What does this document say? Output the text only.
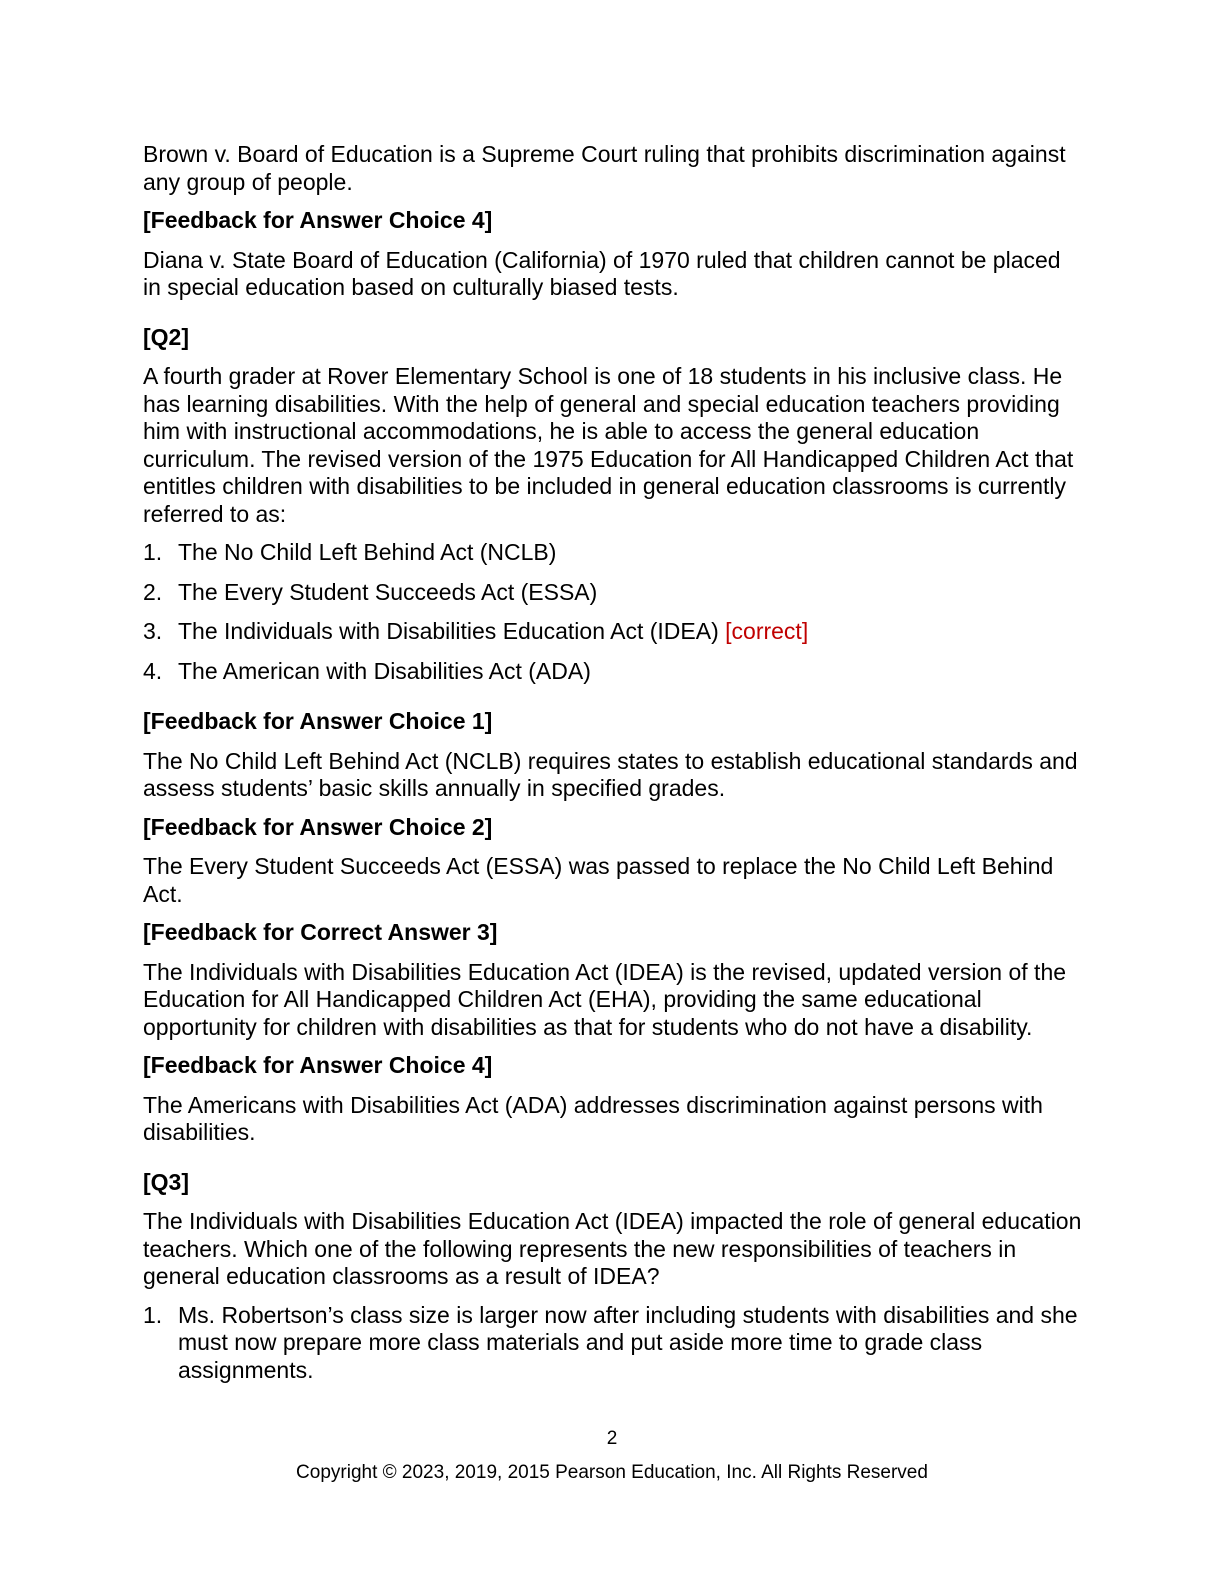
Brown v. Board of Education is a Supreme Court ruling that prohibits discrimination against any group of people.

[Feedback for Answer Choice 4]

Diana v. State Board of Education (California) of 1970 ruled that children cannot be placed in special education based on culturally biased tests.

[Q2]

A fourth grader at Rover Elementary School is one of 18 students in his inclusive class. He has learning disabilities. With the help of general and special education teachers providing him with instructional accommodations, he is able to access the general education curriculum. The revised version of the 1975 Education for All Handicapped Children Act that entitles children with disabilities to be included in general education classrooms is currently referred to as:

1. The No Child Left Behind Act (NCLB)
2. The Every Student Succeeds Act (ESSA)
3. The Individuals with Disabilities Education Act (IDEA) [correct]
4. The American with Disabilities Act (ADA)

[Feedback for Answer Choice 1]

The No Child Left Behind Act (NCLB) requires states to establish educational standards and assess students’ basic skills annually in specified grades.

[Feedback for Answer Choice 2]

The Every Student Succeeds Act (ESSA) was passed to replace the No Child Left Behind Act.

[Feedback for Correct Answer 3]

The Individuals with Disabilities Education Act (IDEA) is the revised, updated version of the Education for All Handicapped Children Act (EHA), providing the same educational opportunity for children with disabilities as that for students who do not have a disability.

[Feedback for Answer Choice 4]

The Americans with Disabilities Act (ADA) addresses discrimination against persons with disabilities.

[Q3]

The Individuals with Disabilities Education Act (IDEA) impacted the role of general education teachers. Which one of the following represents the new responsibilities of teachers in general education classrooms as a result of IDEA?

1. Ms. Robertson’s class size is larger now after including students with disabilities and she must now prepare more class materials and put aside more time to grade class assignments.
2
Copyright © 2023, 2019, 2015 Pearson Education, Inc. All Rights Reserved
